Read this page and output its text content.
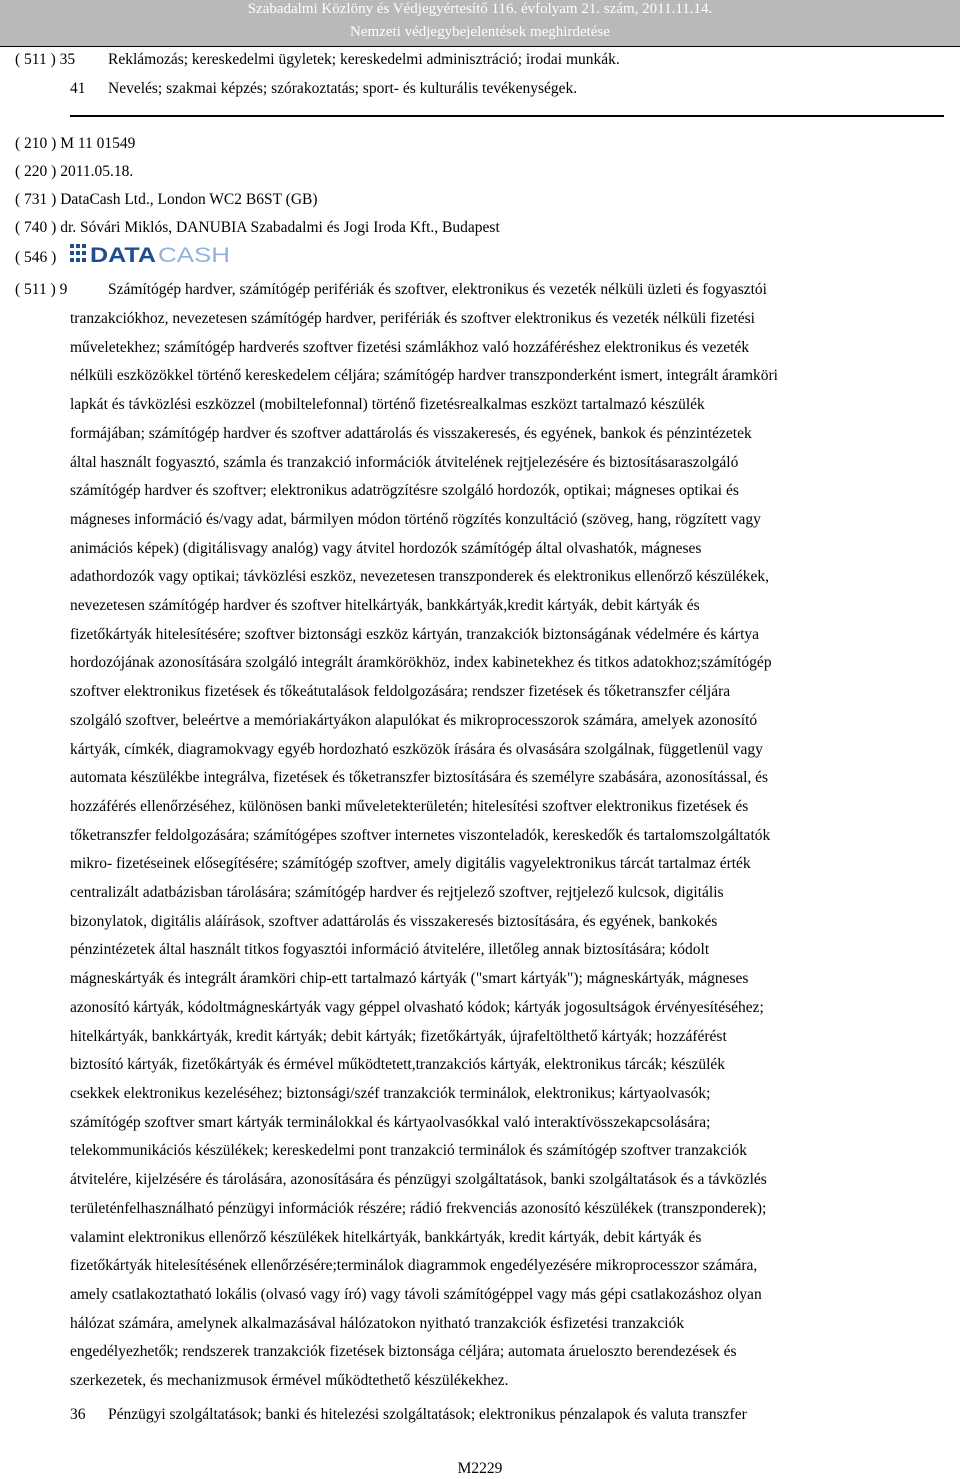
Szabadalmi Közlöny és Védjegyértesítő 116. évfolyam 21. szám, 2011.11.14.
Nemzeti védjegybejelentések meghirdetése
( 511 ) 35 Reklámozás; kereskedelmi ügyletek; kereskedelmi adminisztráció; irodai munkák.
41 Nevelés; szakmai képzés; szórakoztatás; sport- és kulturális tevékenységek.
( 210 ) M 11 01549
( 220 ) 2011.05.18.
( 731 ) DataCash Ltd., London WC2 B6ST (GB)
( 740 ) dr. Sóvári Miklós, DANUBIA Szabadalmi és Jogi Iroda Kft., Budapest
( 546 ) DATA CASH
( 511 ) 9	Számítógép hardver, számítógép perifériák és szoftver, elektronikus és vezeték nélküli üzleti és fogyasztói
tranzakciókhoz, nevezetesen számítógép hardver, perifériák és szoftver elektronikus és vezeték nélküli fizetési
műveletekhez; számítógép hardverés szoftver fizetési számlákhoz való hozzáféréshez elektronikus és vezeték
nélküli eszközökkel történő kereskedelem céljára; számítógép hardver transzponderként ismert, integrált áramköri
lapkát és távközlési eszközzel (mobiltelefonnal) történő fizetésrealkalmas eszközt tartalmazó készülék
formájában; számítógép hardver és szoftver adattárolás és visszakeresés, és egyének, bankok és pénzintézetek
által használt fogyasztó, számla és tranzakció információk átvitelének rejtjelezésére és biztosításaraszolgáló
számítógép hardver és szoftver; elektronikus adatrögzítésre szolgáló hordozók, optikai; mágneses optikai és
mágneses információ és/vagy adat, bármilyen módon történő rögzítés konzultáció (szöveg, hang, rögzített vagy
animációs képek) (digitálisvagy analóg) vagy átvitel hordozók számítógép által olvashatók, mágneses
adathordozók vagy optikai; távközlési eszköz, nevezetesen transzponderek és elektronikus ellenőrző készülékek,
nevezetesen számítógép hardver és szoftver hitelkártyák, bankkártyák,kredit kártyák, debit kártyák és
fizetőkártyák hitelesítésére; szoftver biztonsági eszköz kártyán, tranzakciók biztonságának védelmére és kártya
hordozójának azonosítására szolgáló integrált áramkörökhöz, index kabinetekhez és titkos adatokhoz;számítógép
szoftver elektronikus fizetések és tőkeátutalások feldolgozására; rendszer fizetések és tőketranszfer céljára
szolgáló szoftver, beleértve a memóriakártyákon alapulókat és mikroprocesszorok számára, amelyek azonosító
kártyák, címkék, diagramokvagy egyéb hordozható eszközök írására és olvasására szolgálnak, függetlenül vagy
automata készülékbe integrálva, fizetések és tőketranszfer biztosítására és személyre szabására, azonosítással, és
hozzáférés ellenőrzéséhez, különösen banki műveletekterületén; hitelesítési szoftver elektronikus fizetések és
tőketranszfer feldolgozására; számítógépes szoftver internetes viszonteladók, kereskedők és tartalomszolgáltatók
mikro- fizetéseinek elősegítésére; számítógép szoftver, amely digitális vagyelektronikus tárcát tartalmaz érték
centralizált adatbázisban tárolására; számítógép hardver és rejtjelező szoftver, rejtjelező kulcsok, digitális
bizonylatok, digitális aláírások, szoftver adattárolás és visszakeresés biztosítására, és egyének, bankokés
pénzintézetek által használt titkos fogyasztói információ átvitelére, illetőleg annak biztosítására; kódolt
mágneskártyák és integrált áramköri chip-ett tartalmazó kártyák ("smart kártyák"); mágneskártyák, mágneses
azonosító kártyák, kódoltmágneskártyák vagy géppel olvasható kódok; kártyák jogosultságok érvényesítéséhez;
hitelkártyák, bankkártyák, kredit kártyák; debit kártyák; fizetőkártyák, újrafeltölthető kártyák; hozzáférést
biztosító kártyák, fizetőkártyák és érmével működtetett,tranzakciós kártyák, elektronikus tárcák; készülék
csekkek elektronikus kezeléséhez; biztonsági/széf tranzakciók terminálok, elektronikus; kártyaolvasók;
számítógép szoftver smart kártyák terminálokkal és kártyaolvasókkal való interaktívösszekapcsolására;
telekommunikációs készülékek; kereskedelmi pont tranzakció terminálok és számítógép szoftver tranzakciók
átvitelére, kijelzésére és tárolására, azonosítására és pénzügyi szolgáltatások, banki szolgáltatások és a távközlés
területénfelhasználható pénzügyi információk részére; rádió frekvenciás azonosító készülékek (transzponderek);
valamint elektronikus ellenőrző készülékek hitelkártyák, bankkártyák, kredit kártyák, debit kártyák és
fizetőkártyák hitelesítésének ellenőrzésére;terminálok diagrammok engedélyezésére mikroprocesszor számára,
amely csatlakoztatható lokális (olvasó vagy író) vagy távoli számítógéppel vagy más gépi csatlakozáshoz olyan
hálózat számára, amelynek alkalmazásával hálózatokon nyitható tranzakciók ésfizetési tranzakciók
engedélyezhetők; rendszerek tranzakciók fizetések biztonsága céljára; automata árueloszto berendezések és
szerkezetek, és mechanizmusok érmével működtethető készülékekhez.
36 Pénzügyi szolgáltatások; banki és hitelezési szolgáltatások; elektronikus pénzalapok és valuta transzfer
M2229
